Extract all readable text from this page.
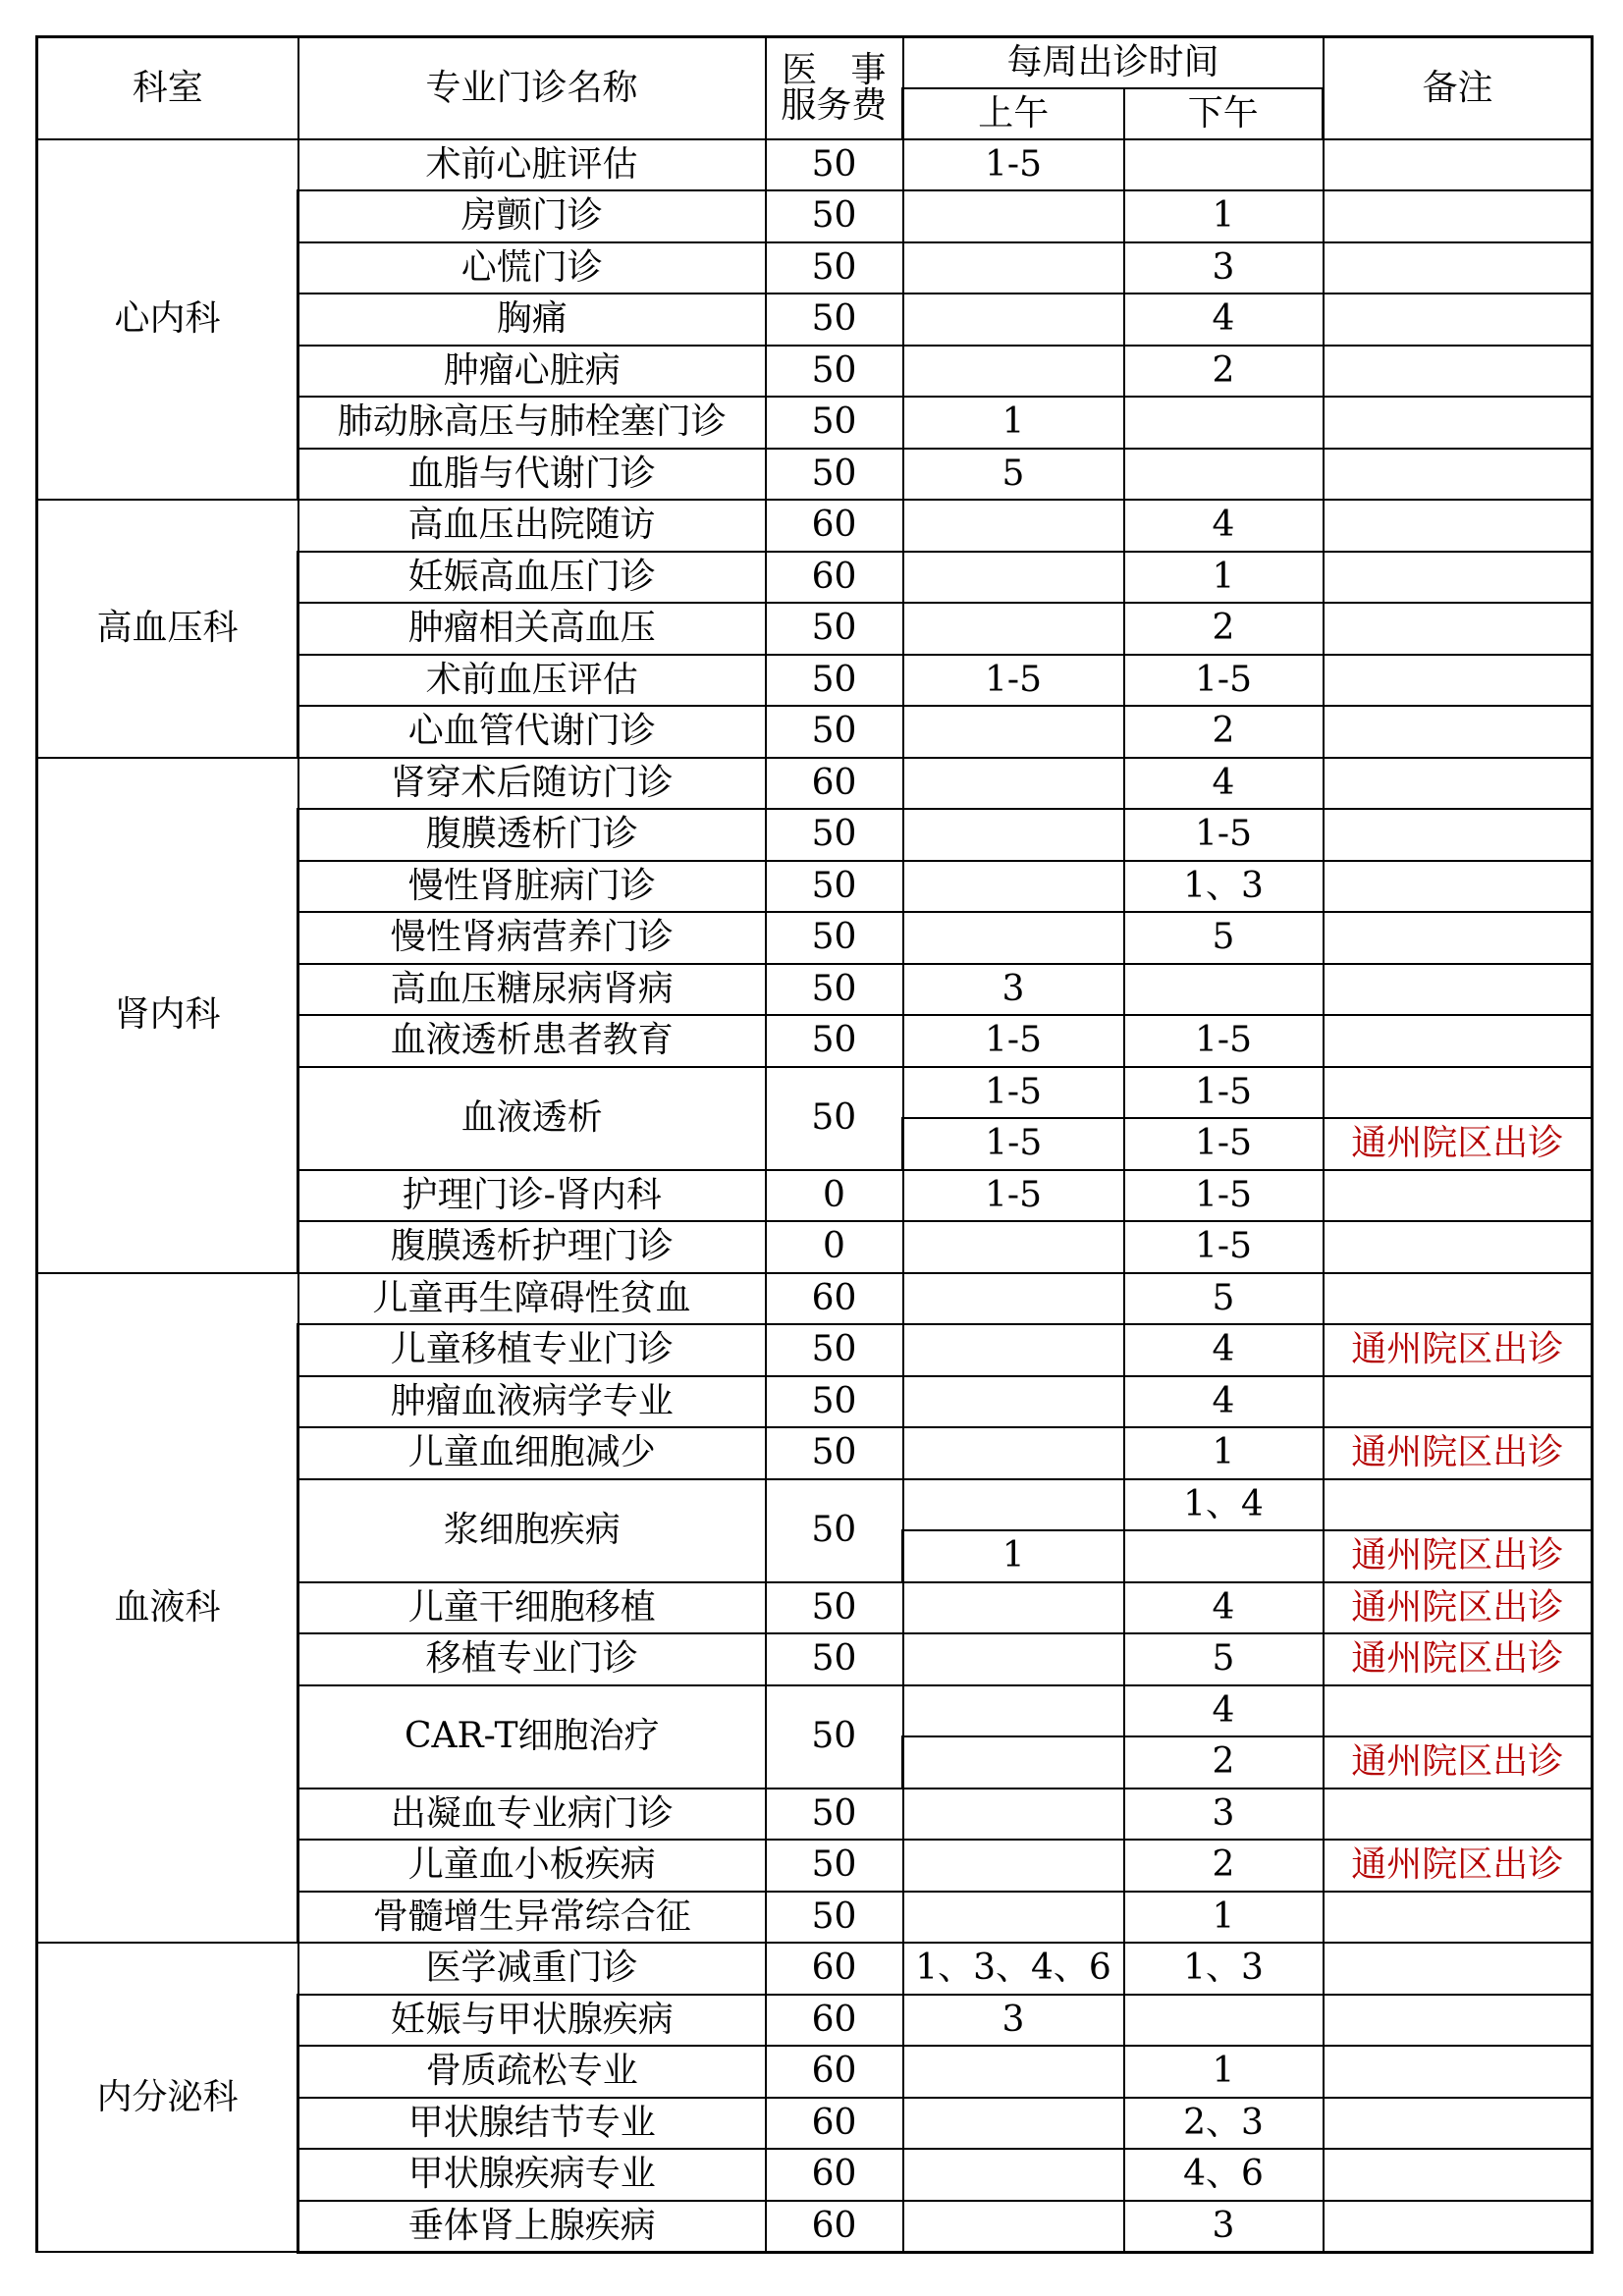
科室	专业门诊名称	医 事
服务费	每周出诊时间		备注
			上午	下午	
心内科	术前心脏评估	50	1-5		
	房颤门诊	50		1	
	心慌门诊	50		3	
	胸痛	50		4	
	肿瘤心脏病	50		2	
	肺动脉高压与肺栓塞门诊	50	1		
	血脂与代谢门诊	50	5		
高血压科	高血压出院随访	60		4	
	妊娠高血压门诊	60		1	
	肿瘤相关高血压	50		2	
	术前血压评估	50	1-5	1-5	
	心血管代谢门诊	50		2	
肾内科	肾穿术后随访门诊	60		4	
	腹膜透析门诊	50		1-5	
	慢性肾脏病门诊	50		1、3	
	慢性肾病营养门诊	50		5	
	高血压糖尿病肾病	50	3		
	血液透析患者教育	50	1-5	1-5	
	血液透析	50	1-5	1-5	
			1-5	1-5	通州院区出诊
	护理门诊-肾内科	0	1-5	1-5	
	腹膜透析护理门诊	0		1-5	
血液科	儿童再生障碍性贫血	60		5	
	儿童移植专业门诊	50		4	通州院区出诊
	肿瘤血液病学专业	50		4	
	儿童血细胞减少	50		1	通州院区出诊
	浆细胞疾病	50		1、4	
			1		通州院区出诊
	儿童干细胞移植	50		4	通州院区出诊
	移植专业门诊	50		5	通州院区出诊
	CAR-T细胞治疗	50		4	
				2	通州院区出诊
	出凝血专业病门诊	50		3	
	儿童血小板疾病	50		2	通州院区出诊
	骨髓增生异常综合征	50		1	
内分泌科	医学减重门诊	60	1、3、4、6	1、3	
	妊娠与甲状腺疾病	60	3		
	骨质疏松专业	60		1	
	甲状腺结节专业	60		2、3	
	甲状腺疾病专业	60		4、6	
	垂体肾上腺疾病	60		3	
